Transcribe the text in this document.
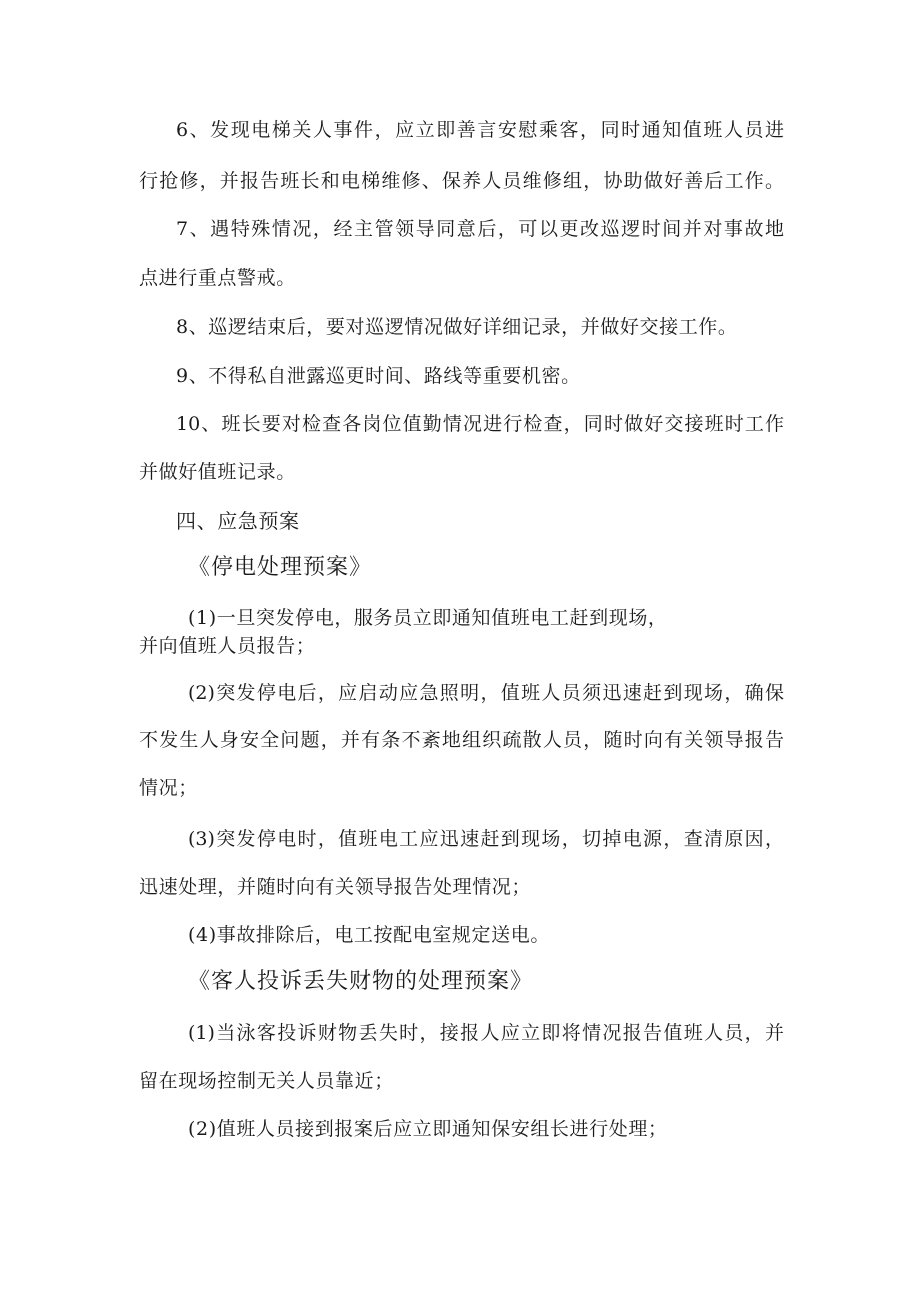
6、发现电梯关人事件，应立即善言安慰乘客，同时通知值班人员进
行抢修，并报告班长和电梯维修、保养人员维修组，协助做好善后工作。
7、遇特殊情况，经主管领导同意后，可以更改巡逻时间并对事故地
点进行重点警戒。
8、巡逻结束后，要对巡逻情况做好详细记录，并做好交接工作。
9、不得私自泄露巡更时间、路线等重要机密。
10、班长要对检查各岗位值勤情况进行检查，同时做好交接班时工作
并做好值班记录。
四、应急预案
《停电处理预案》
(1)一旦突发停电，服务员立即通知值班电工赶到现场，
并向值班人员报告；
(2)突发停电后，应启动应急照明，值班人员须迅速赶到现场，确保
不发生人身安全问题，并有条不紊地组织疏散人员，随时向有关领导报告
情况；
(3)突发停电时，值班电工应迅速赶到现场，切掉电源，查清原因，
迅速处理，并随时向有关领导报告处理情况；
(4)事故排除后，电工按配电室规定送电。
《客人投诉丢失财物的处理预案》
(1)当泳客投诉财物丢失时，接报人应立即将情况报告值班人员，并
留在现场控制无关人员靠近；
(2)值班人员接到报案后应立即通知保安组长进行处理；
